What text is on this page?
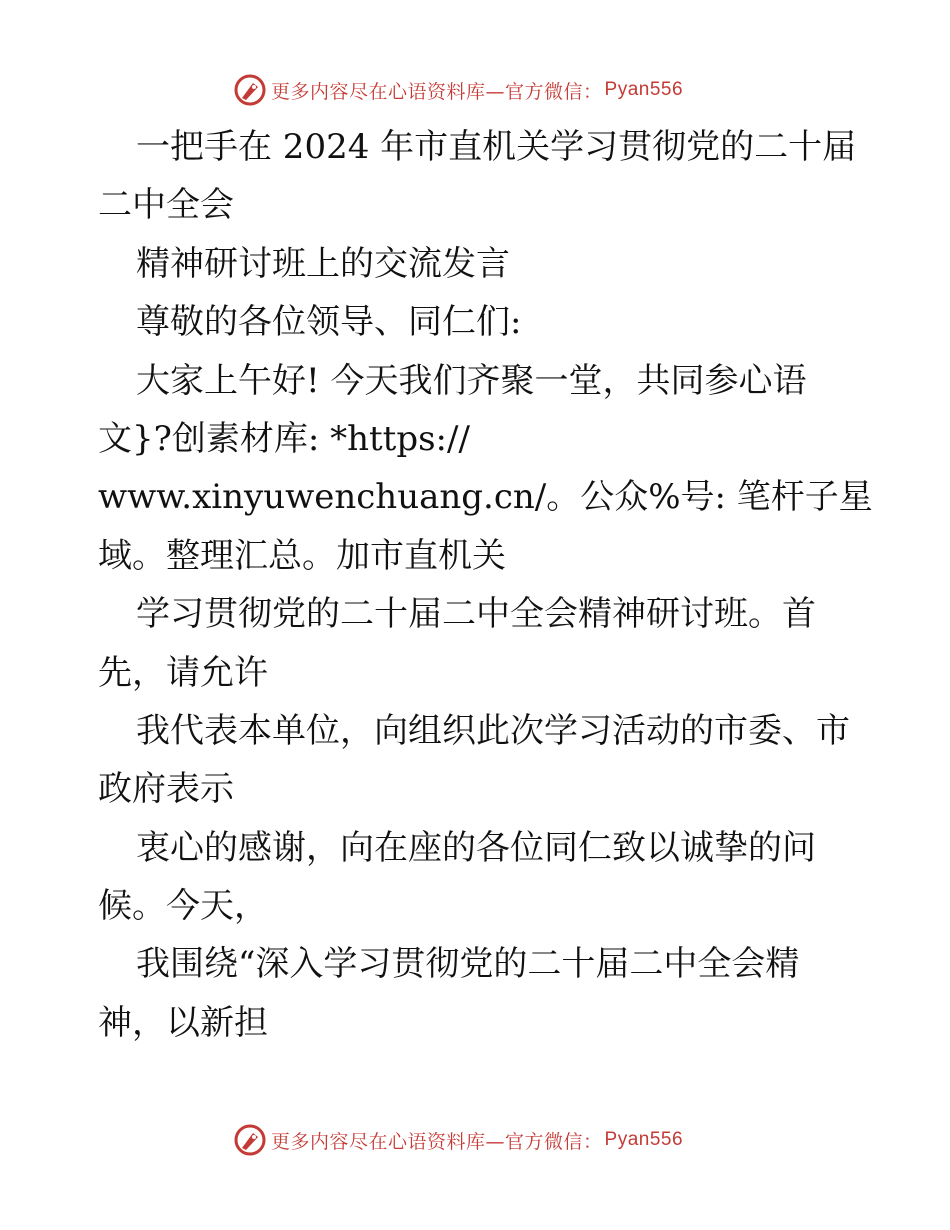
更多内容尽在心语资料库—官方微信： Pyan556
一把手在 2024 年市直机关学习贯彻党的二十届
二中全会
精神研讨班上的交流发言
尊敬的各位领导、同仁们:
大家上午好! 今天我们齐聚一堂，共同参心语
文}?创素材库: *https://
www.xinyuwenchuang.cn/。公众%号: 笔杆子星
域。整理汇总。加市直机关
学习贯彻党的二十届二中全会精神研讨班。首
先，请允许
我代表本单位，向组织此次学习活动的市委、市
政府表示
衷心的感谢，向在座的各位同仁致以诚挚的问
候。今天，
我围绕“深入学习贯彻党的二十届二中全会精
神，以新担
更多内容尽在心语资料库—官方微信： Pyan556
